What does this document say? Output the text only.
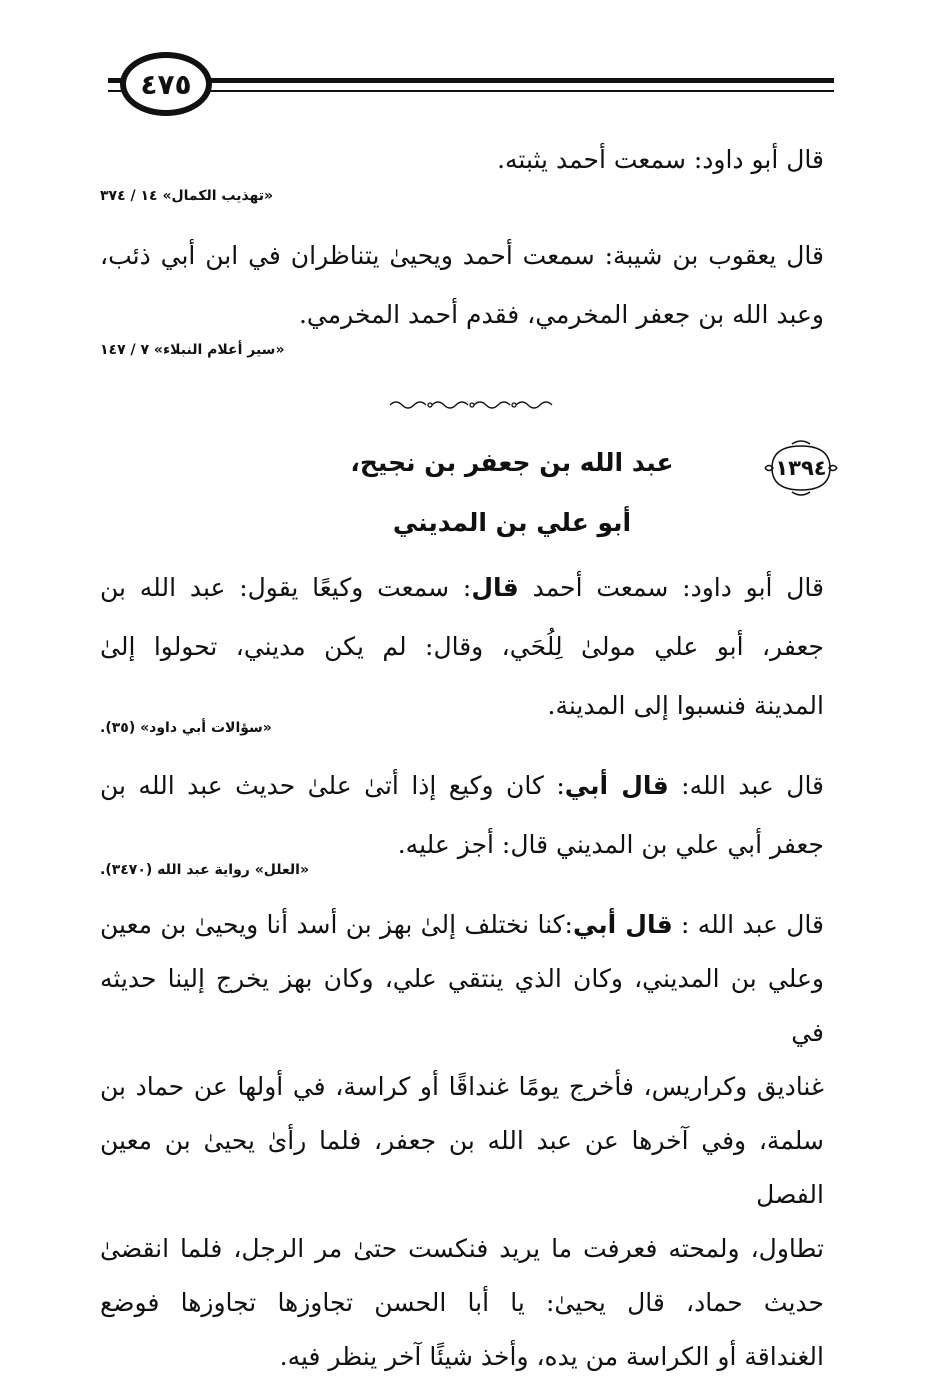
٤٧٥
قال أبو داود: سمعت أحمد يثبته.
«تهذيب الكمال» ١٤ / ٣٧٤
قال يعقوب بن شيبة: سمعت أحمد ويحيىٰ يتناظران في ابن أبي ذئب،
وعبد الله بن جعفر المخرمي، فقدم أحمد المخرمي.
«سير أعلام النبلاء» ٧ / ١٤٧
١٣٩٤
عبد الله بن جعفر بن نجيح،
أبو علي بن المديني
قال أبو داود: سمعت أحمد قال: سمعت وكيعًا يقول: عبد الله بن
جعفر، أبو علي مولىٰ لِلُحَي، وقال: لم يكن مديني، تحولوا إلىٰ
المدينة فنسبوا إلى المدينة.
«سؤالات أبي داود» (٣٥).
قال عبد الله: قال أبي: كان وكيع إذا أتىٰ علىٰ حديث عبد الله بن
جعفر أبي علي بن المديني قال: أجز عليه.
«العلل» رواية عبد الله (٣٤٧٠).
قال عبد الله : قال أبي:كنا نختلف إلىٰ بهز بن أسد أنا ويحيىٰ بن معين
وعلي بن المديني، وكان الذي ينتقي علي، وكان بهز يخرج إلينا حديثه في
غناديق وكراريس، فأخرج يومًا غنداقًا أو كراسة، في أولها عن حماد بن
سلمة، وفي آخرها عن عبد الله بن جعفر، فلما رأىٰ يحيىٰ بن معين الفصل
تطاول، ولمحته فعرفت ما يريد فنكست حتىٰ مر الرجل، فلما انقضىٰ
حديث حماد، قال يحيىٰ: يا أبا الحسن تجاوزها تجاوزها فوضع
الغنداقة أو الكراسة من يده، وأخذ شيئًا آخر ينظر فيه.
